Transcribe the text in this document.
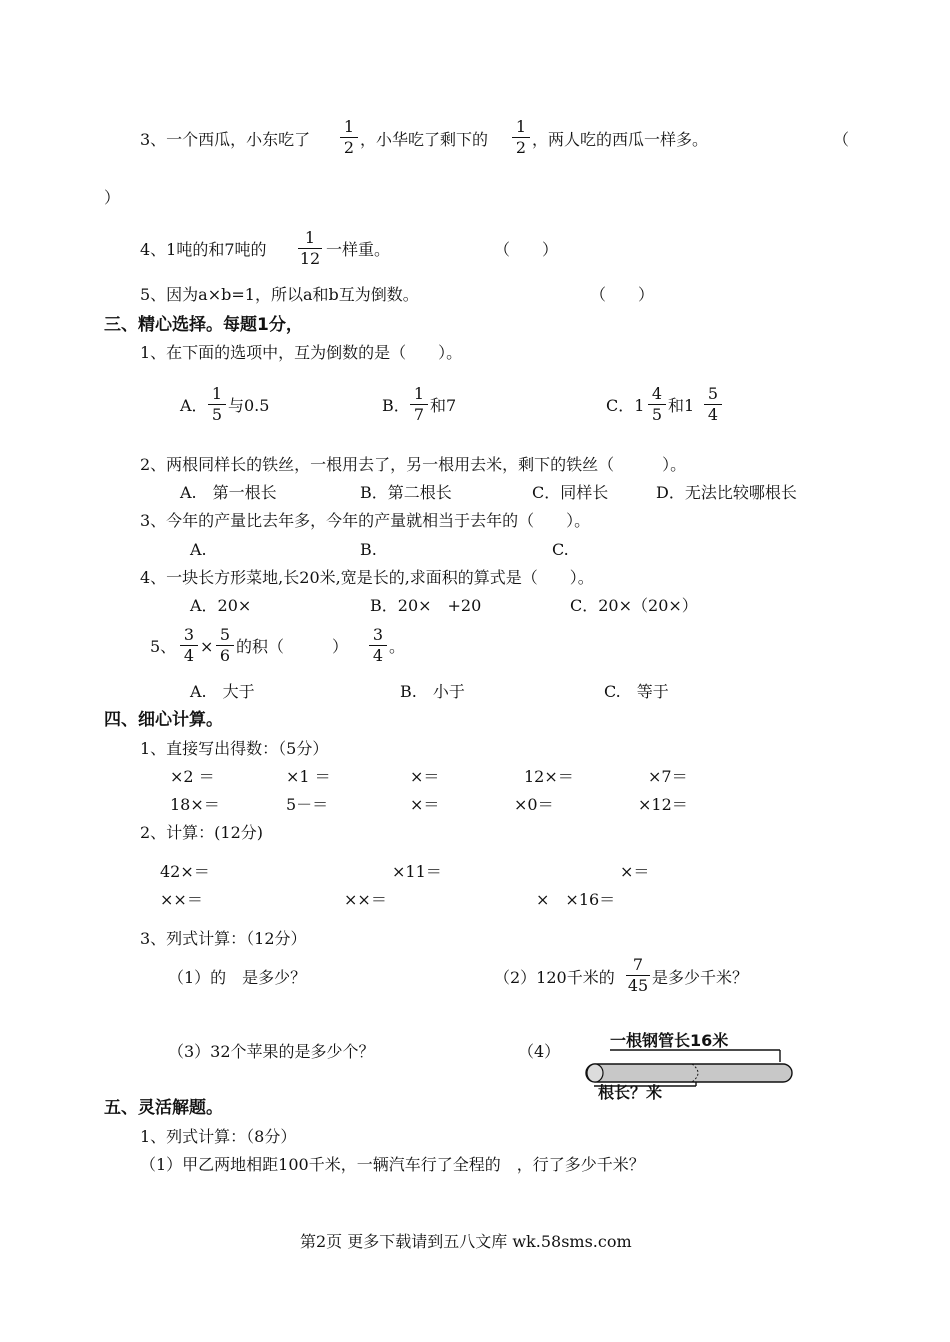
3、一个西瓜，小东吃了
1
2 ，小华吃了剩下的
1
2 ，两人吃的西瓜一样多。	（
）
4、1吨的和7吨的
1
12 一样重。	（　　）
5、因为a×b=1，所以a和b互为倒数。	（　　）
三、精心选择。每题1分，
1、在下面的选项中，互为倒数的是（　　）。
A．
1
5 与0.5	B．
1
7 和7	C．1
4
5 和1
5
4
2、两根同样长的铁丝，一根用去了，另一根用去米，剩下的铁丝（　　　）。
A.　第一根长	B．第二根长	C．同样长	D．无法比较哪根长
3、今年的产量比去年多，今年的产量就相当于去年的（　　）。
A.	B.	C.
4、一块长方形菜地,长20米,宽是长的,求面积的算式是（　　）。
A．20×	B．20×　+20	C．20×（20×）
5、
3
4 ×
5
6 的积（　　　）
3
4 。
A.　大于	B.　小于	C.　等于
四、细心计算。
1、直接写出得数：（5分）
×2 ＝	×1 ＝	×＝	12×＝	×7＝
18×＝	5－＝	×＝	×0＝	×12＝
2、计算：(12分)
42×＝	×11＝	×＝
××＝	××＝	×　×16＝
3、列式计算：（12分）
（1）的　是多少？	（2）120千米的
7
45 是多少千米？
（3）32个苹果的是多少个？	（4）
一根钢管长16米
根长？米
五、灵活解题。
1、列式计算：（8分）
（1）甲乙两地相距100千米，一辆汽车行了全程的　，行了多少千米？
第2页 更多下载请到五八文库 wk.58sms.com
